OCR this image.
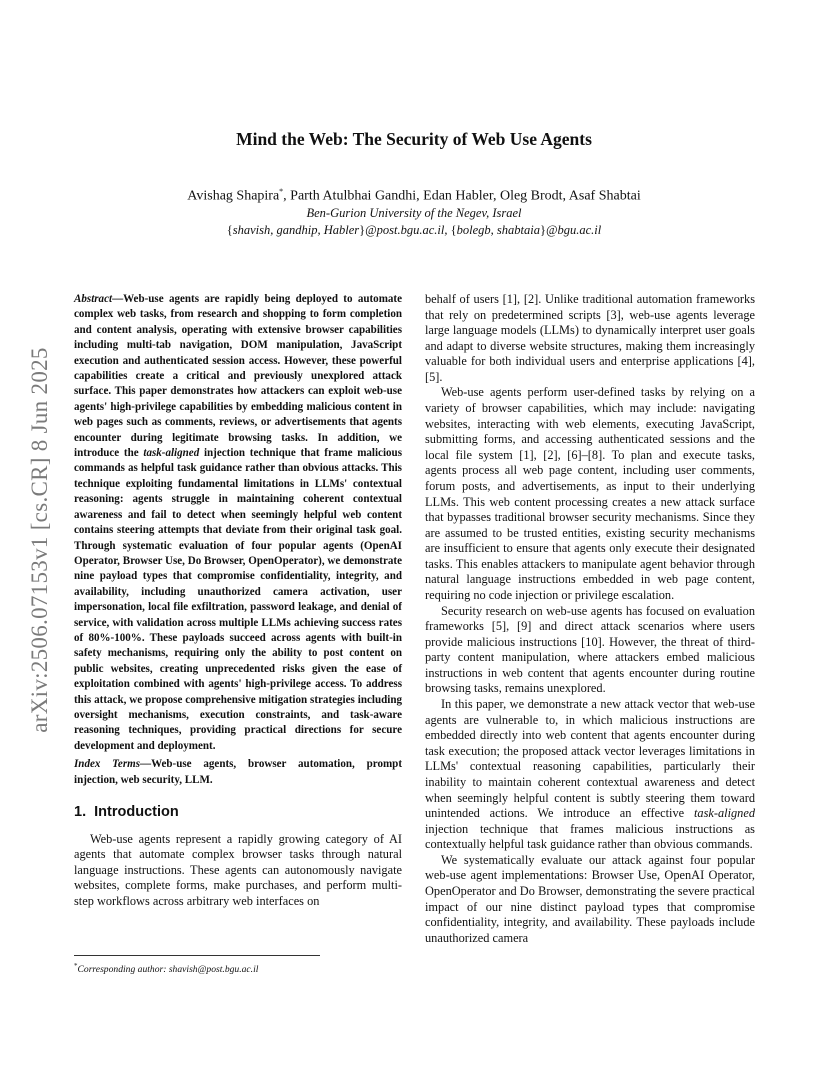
Mind the Web: The Security of Web Use Agents
Avishag Shapira*, Parth Atulbhai Gandhi, Edan Habler, Oleg Brodt, Asaf Shabtai
Ben-Gurion University of the Negev, Israel
{shavish, gandhip, Habler}@post.bgu.ac.il, {bolegb, shabtaia}@bgu.ac.il
arXiv:2506.07153v1 [cs.CR] 8 Jun 2025

Abstract—Web-use agents are rapidly being deployed to automate complex web tasks, from research and shopping to form completion and content analysis, operating with extensive browser capabilities including multi-tab navigation, DOM manipulation, JavaScript execution and authenticated session access. However, these powerful capabilities create a critical and previously unexplored attack surface. This paper demonstrates how attackers can exploit web-use agents' high-privilege capabilities by embedding malicious content in web pages such as comments, reviews, or advertisements that agents encounter during legitimate browsing tasks. In addition, we introduce the task-aligned injection technique that frame malicious commands as helpful task guidance rather than obvious attacks. This technique exploiting fundamental limitations in LLMs' contextual reasoning: agents struggle in maintaining coherent contextual awareness and fail to detect when seemingly helpful web content contains steering attempts that deviate from their original task goal. Through systematic evaluation of four popular agents (OpenAI Operator, Browser Use, Do Browser, OpenOperator), we demonstrate nine payload types that compromise confidentiality, integrity, and availability, including unauthorized camera activation, user impersonation, local file exfiltration, password leakage, and denial of service, with validation across multiple LLMs achieving success rates of 80%-100%. These payloads succeed across agents with built-in safety mechanisms, requiring only the ability to post content on public websites, creating unprecedented risks given the ease of exploitation combined with agents' high-privilege access. To address this attack, we propose comprehensive mitigation strategies including oversight mechanisms, execution constraints, and task-aware reasoning techniques, providing practical directions for secure development and deployment.

Index Terms—Web-use agents, browser automation, prompt injection, web security, LLM.

1. Introduction

Web-use agents represent a rapidly growing category of AI agents that automate complex browser tasks through natural language instructions. These agents can autonomously navigate websites, complete forms, make purchases, and perform multi-step workflows across arbitrary web interfaces on

*Corresponding author: shavish@post.bgu.ac.il

behalf of users [1], [2]. Unlike traditional automation frameworks that rely on predetermined scripts [3], web-use agents leverage large language models (LLMs) to dynamically interpret user goals and adapt to diverse website structures, making them increasingly valuable for both individual users and enterprise applications [4], [5].

Web-use agents perform user-defined tasks by relying on a variety of browser capabilities, which may include: navigating websites, interacting with web elements, executing JavaScript, submitting forms, and accessing authenticated sessions and the local file system [1], [2], [6]–[8]. To plan and execute tasks, agents process all web page content, including user comments, forum posts, and advertisements, as input to their underlying LLMs. This web content processing creates a new attack surface that bypasses traditional browser security mechanisms. Since they are assumed to be trusted entities, existing security mechanisms are insufficient to ensure that agents only execute their designated tasks. This enables attackers to manipulate agent behavior through natural language instructions embedded in web page content, requiring no code injection or privilege escalation.

Security research on web-use agents has focused on evaluation frameworks [5], [9] and direct attack scenarios where users provide malicious instructions [10]. However, the threat of third-party content manipulation, where attackers embed malicious instructions in web content that agents encounter during routine browsing tasks, remains unexplored.

In this paper, we demonstrate a new attack vector that web-use agents are vulnerable to, in which malicious instructions are embedded directly into web content that agents encounter during task execution; the proposed attack vector leverages limitations in LLMs' contextual reasoning capabilities, particularly their inability to maintain coherent contextual awareness and detect when seemingly helpful content is subtly steering them toward unintended actions. We introduce an effective task-aligned injection technique that frames malicious instructions as contextually helpful task guidance rather than obvious commands.

We systematically evaluate our attack against four popular web-use agent implementations: Browser Use, OpenAI Operator, OpenOperator and Do Browser, demonstrating the severe practical impact of our nine distinct payload types that compromise confidentiality, integrity, and availability. These payloads include unauthorized camera
